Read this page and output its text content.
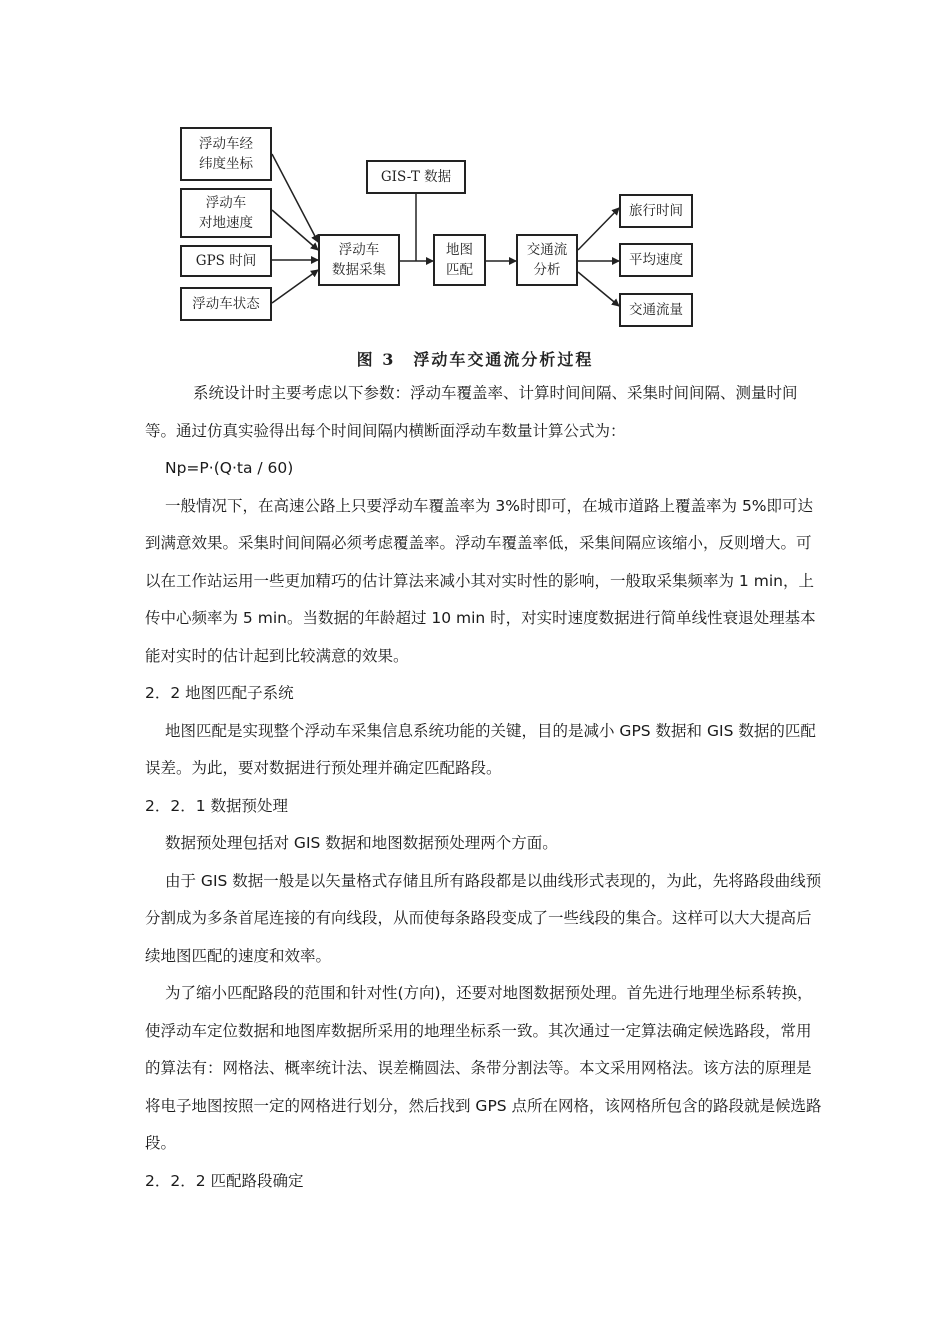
浮动车经
纬度坐标
浮动车
对地速度
GPS 时间
浮动车状态
浮动车
数据采集
GIS-T 数据
地图
匹配
交通流
分析
旅行时间
平均速度
交通流量
图 3　浮动车交通流分析过程

系统设计时主要考虑以下参数：浮动车覆盖率、计算时间间隔、采集时间间隔、测量时间等。通过仿真实验得出每个时间间隔内横断面浮动车数量计算公式为：

Np=P·(Q·ta / 60)

一般情况下，在高速公路上只要浮动车覆盖率为 3%时即可，在城市道路上覆盖率为 5%即可达到满意效果。采集时间间隔必须考虑覆盖率。浮动车覆盖率低，采集间隔应该缩小，反则增大。可以在工作站运用一些更加精巧的估计算法来减小其对实时性的影响，一般取采集频率为 1 min，上传中心频率为 5 min。当数据的年龄超过 10 min 时，对实时速度数据进行简单线性衰退处理基本能对实时的估计起到比较满意的效果。

2．2 地图匹配子系统

地图匹配是实现整个浮动车采集信息系统功能的关键，目的是减小 GPS 数据和 GIS 数据的匹配误差。为此，要对数据进行预处理并确定匹配路段。

2．2．1 数据预处理

数据预处理包括对 GIS 数据和地图数据预处理两个方面。

由于 GIS 数据一般是以矢量格式存储且所有路段都是以曲线形式表现的，为此，先将路段曲线预分割成为多条首尾连接的有向线段，从而使每条路段变成了一些线段的集合。这样可以大大提高后续地图匹配的速度和效率。

为了缩小匹配路段的范围和针对性(方向)，还要对地图数据预处理。首先进行地理坐标系转换，使浮动车定位数据和地图库数据所采用的地理坐标系一致。其次通过一定算法确定候选路段，常用的算法有：网格法、概率统计法、误差椭圆法、条带分割法等。本文采用网格法。该方法的原理是将电子地图按照一定的网格进行划分，然后找到 GPS 点所在网格，该网格所包含的路段就是候选路段。

2．2．2 匹配路段确定
